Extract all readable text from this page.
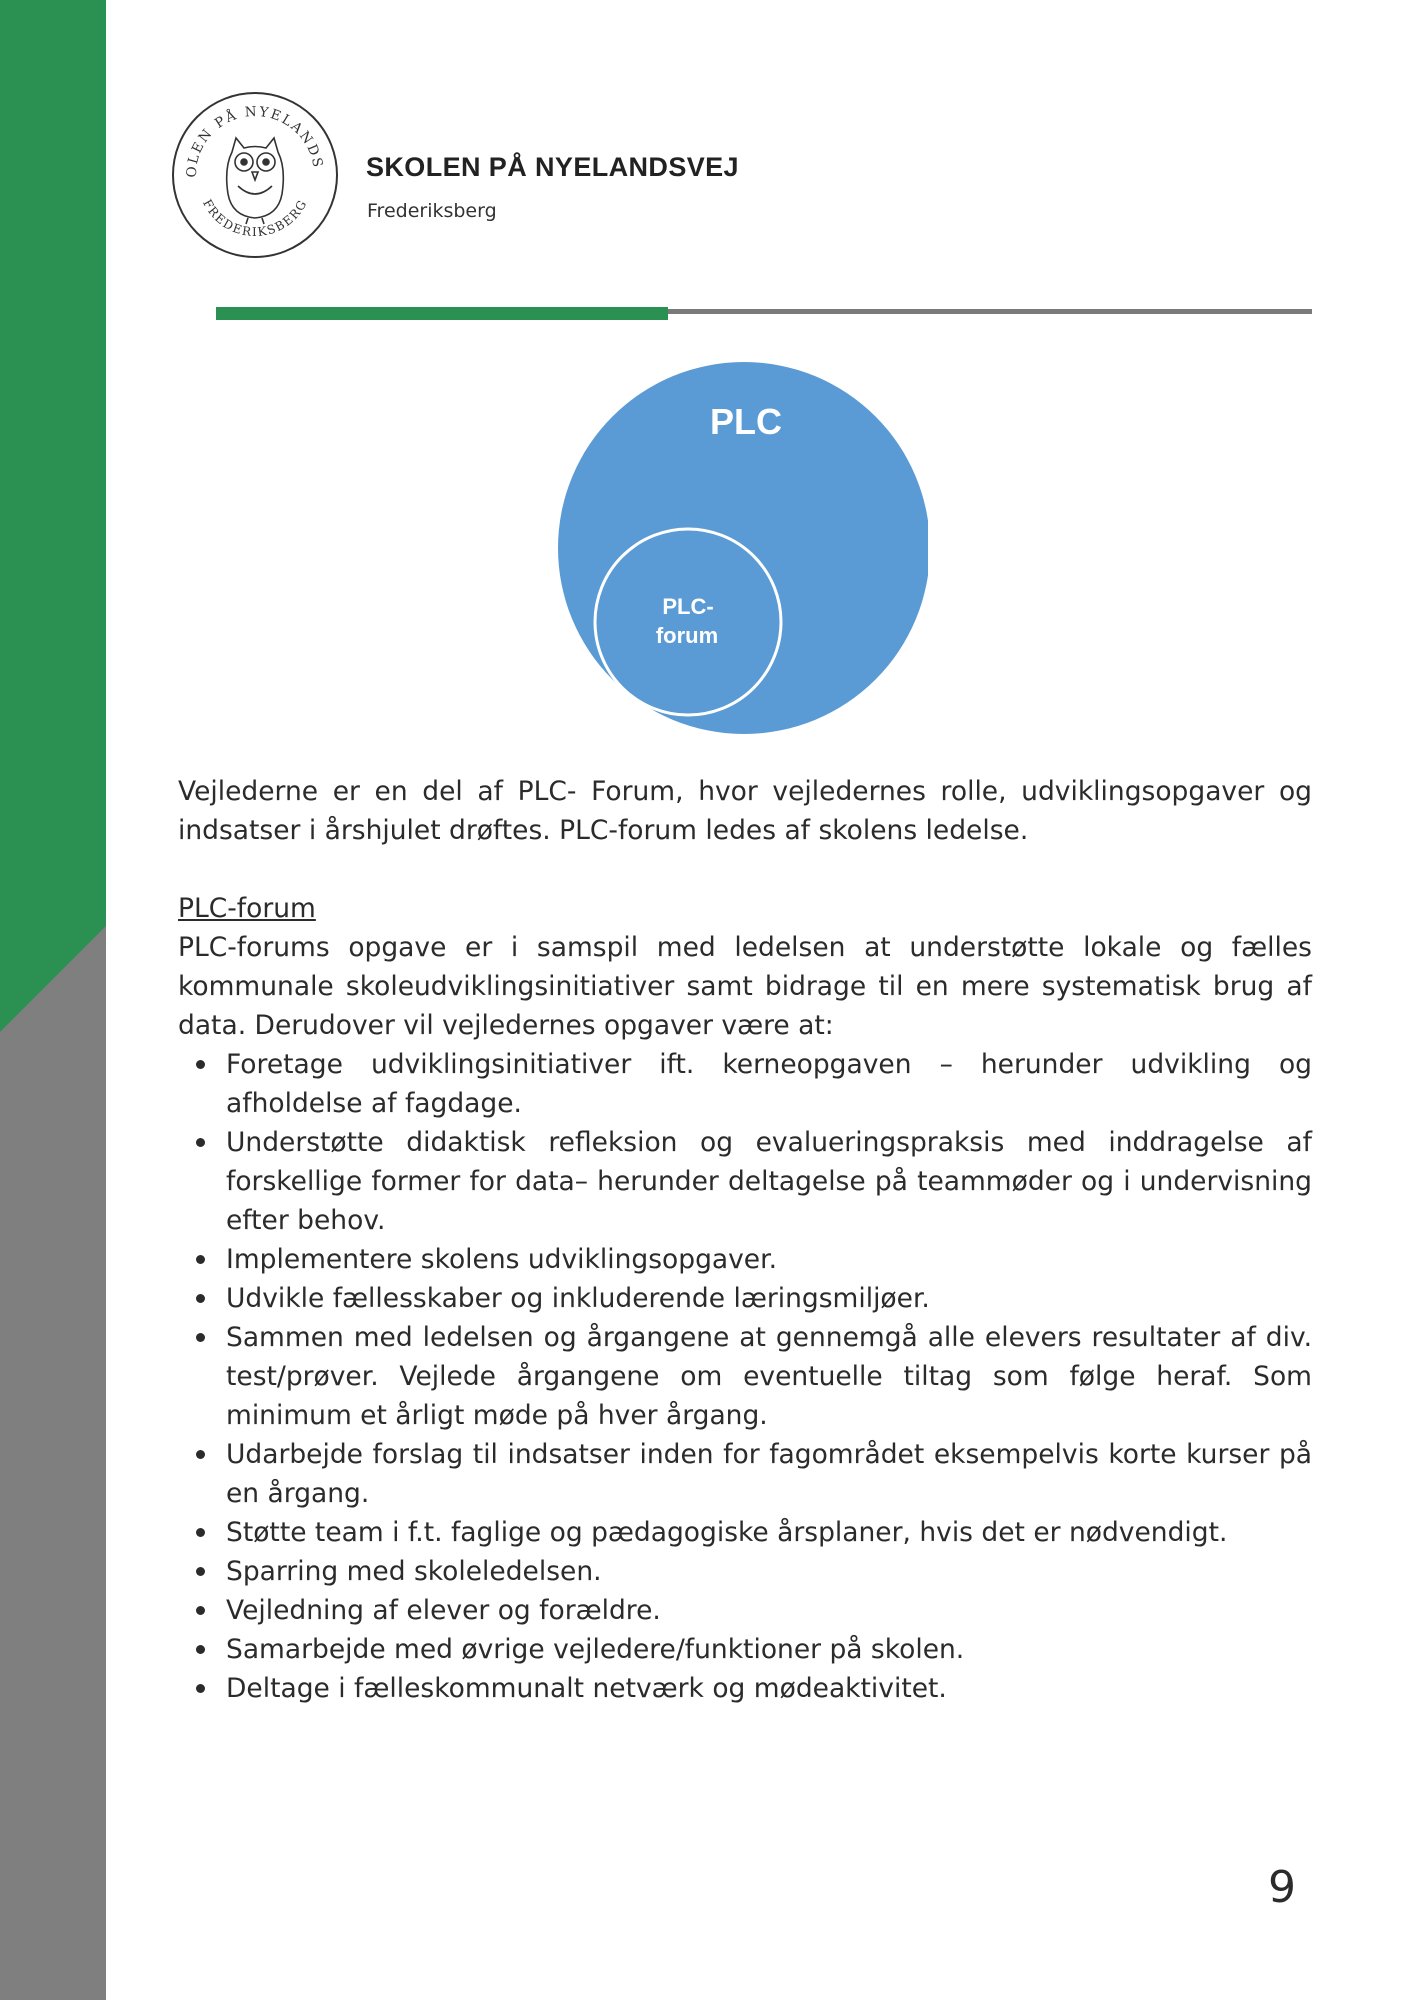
OLEN PÅ NYELANDS
FREDERIKSBERG
SKOLEN PÅ NYELANDSVEJ
Frederiksberg
PLC
PLC-
forum

Vejlederne er en del af PLC- Forum, hvor vejledernes rolle, udviklingsopgaver og indsatser i årshjulet drøftes. PLC-forum ledes af skolens ledelse.

PLC-forum

PLC-forums opgave er i samspil med ledelsen at understøtte lokale og fælles kommunale skoleudviklingsinitiativer samt bidrage til en mere systematisk brug af data. Derudover vil vejledernes opgaver være at:

Foretage udviklingsinitiativer ift. kerneopgaven – herunder udvikling og afholdelse af fagdage.
Understøtte didaktisk refleksion og evalueringspraksis med inddragelse af forskellige former for data– herunder deltagelse på teammøder og i undervisning efter behov.
Implementere skolens udviklingsopgaver.
Udvikle fællesskaber og inkluderende læringsmiljøer.
Sammen med ledelsen og årgangene at gennemgå alle elevers resultater af div. test/prøver. Vejlede årgangene om eventuelle tiltag som følge heraf. Som minimum et årligt møde på hver årgang.
Udarbejde forslag til indsatser inden for fagområdet eksempelvis korte kurser på en årgang.
Støtte team i f.t. faglige og pædagogiske årsplaner, hvis det er nødvendigt.
Sparring med skoleledelsen.
Vejledning af elever og forældre.
Samarbejde med øvrige vejledere/funktioner på skolen.
Deltage i fælleskommunalt netværk og mødeaktivitet.
9
